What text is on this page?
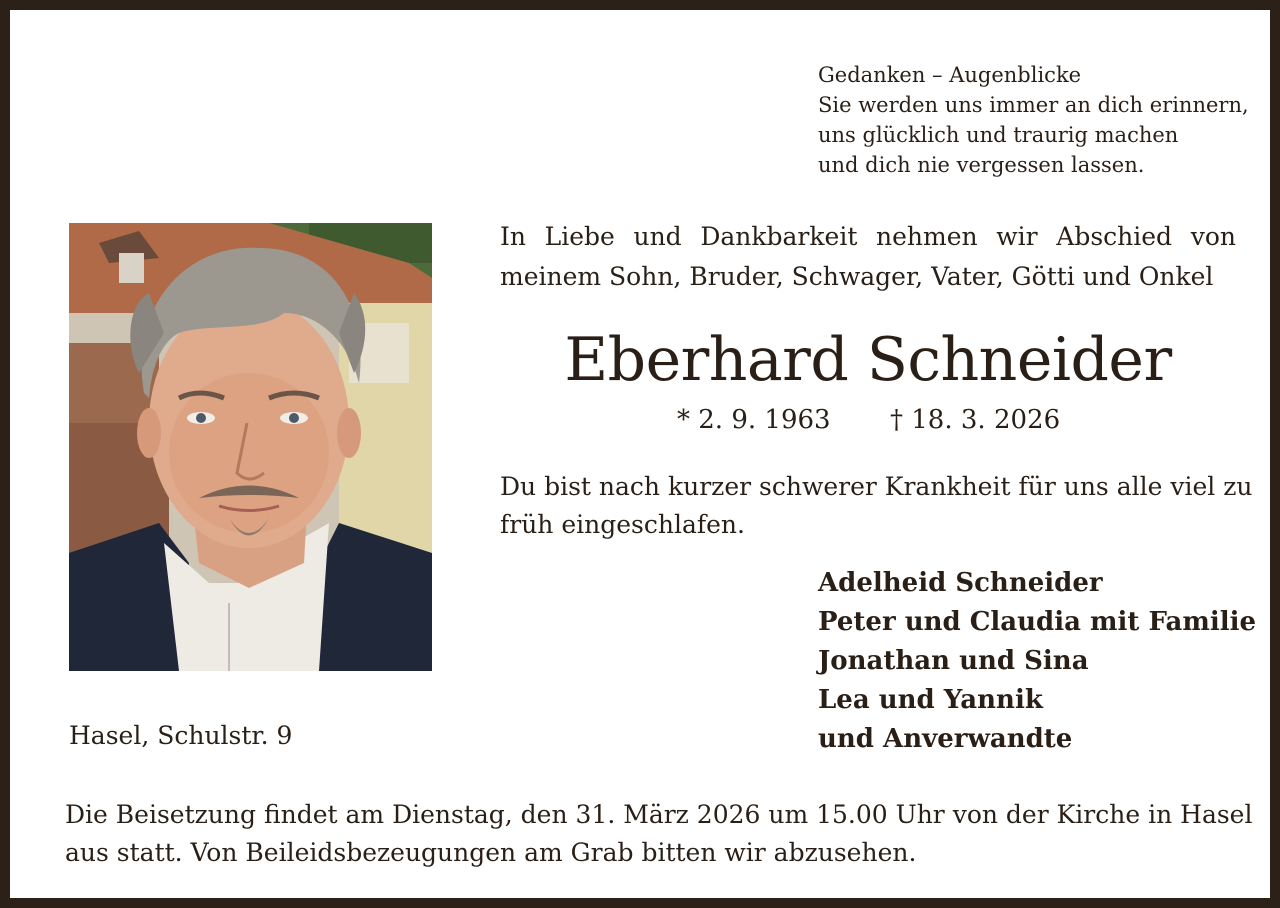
Gedanken – Augenblicke
Sie werden uns immer an dich erinnern,
uns glücklich und traurig machen
und dich nie vergessen lassen.
In Liebe und Dankbarkeit nehmen wir Abschied von
meinem Sohn, Bruder, Schwager, Vater, Götti und Onkel
Eberhard Schneider
* 2. 9. 1963 † 18. 3. 2026
Du bist nach kurzer schwerer Krankheit für uns alle viel zu
früh eingeschlafen.
Adelheid Schneider
Peter und Claudia mit Familie
Jonathan und Sina
Lea und Yannik
und Anverwandte
Hasel, Schulstr. 9
Die Beisetzung findet am Dienstag, den 31. März 2026 um 15.00 Uhr von der Kirche in Hasel
aus statt. Von Beileidsbezeugungen am Grab bitten wir abzusehen.
